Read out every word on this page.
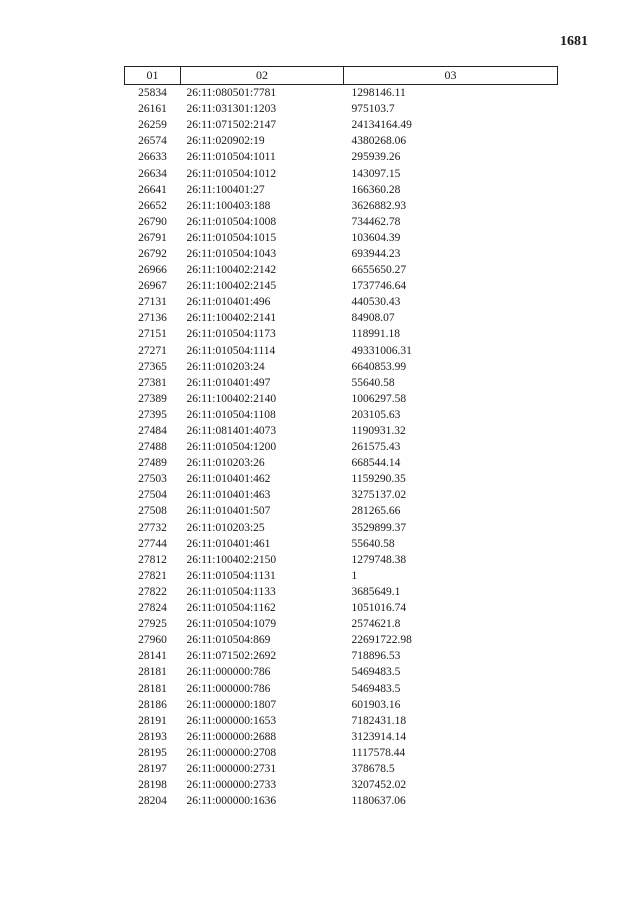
1681
01	02	03
25834	26:11:080501:7781	1298146.11
26161	26:11:031301:1203	975103.7
26259	26:11:071502:2147	24134164.49
26574	26:11:020902:19	4380268.06
26633	26:11:010504:1011	295939.26
26634	26:11:010504:1012	143097.15
26641	26:11:100401:27	166360.28
26652	26:11:100403:188	3626882.93
26790	26:11:010504:1008	734462.78
26791	26:11:010504:1015	103604.39
26792	26:11:010504:1043	693944.23
26966	26:11:100402:2142	6655650.27
26967	26:11:100402:2145	1737746.64
27131	26:11:010401:496	440530.43
27136	26:11:100402:2141	84908.07
27151	26:11:010504:1173	118991.18
27271	26:11:010504:1114	49331006.31
27365	26:11:010203:24	6640853.99
27381	26:11:010401:497	55640.58
27389	26:11:100402:2140	1006297.58
27395	26:11:010504:1108	203105.63
27484	26:11:081401:4073	1190931.32
27488	26:11:010504:1200	261575.43
27489	26:11:010203:26	668544.14
27503	26:11:010401:462	1159290.35
27504	26:11:010401:463	3275137.02
27508	26:11:010401:507	281265.66
27732	26:11:010203:25	3529899.37
27744	26:11:010401:461	55640.58
27812	26:11:100402:2150	1279748.38
27821	26:11:010504:1131	1
27822	26:11:010504:1133	3685649.1
27824	26:11:010504:1162	1051016.74
27925	26:11:010504:1079	2574621.8
27960	26:11:010504:869	22691722.98
28141	26:11:071502:2692	718896.53
28181	26:11:000000:786	5469483.5
28181	26:11:000000:786	5469483.5
28186	26:11:000000:1807	601903.16
28191	26:11:000000:1653	7182431.18
28193	26:11:000000:2688	3123914.14
28195	26:11:000000:2708	1117578.44
28197	26:11:000000:2731	378678.5
28198	26:11:000000:2733	3207452.02
28204	26:11:000000:1636	1180637.06
